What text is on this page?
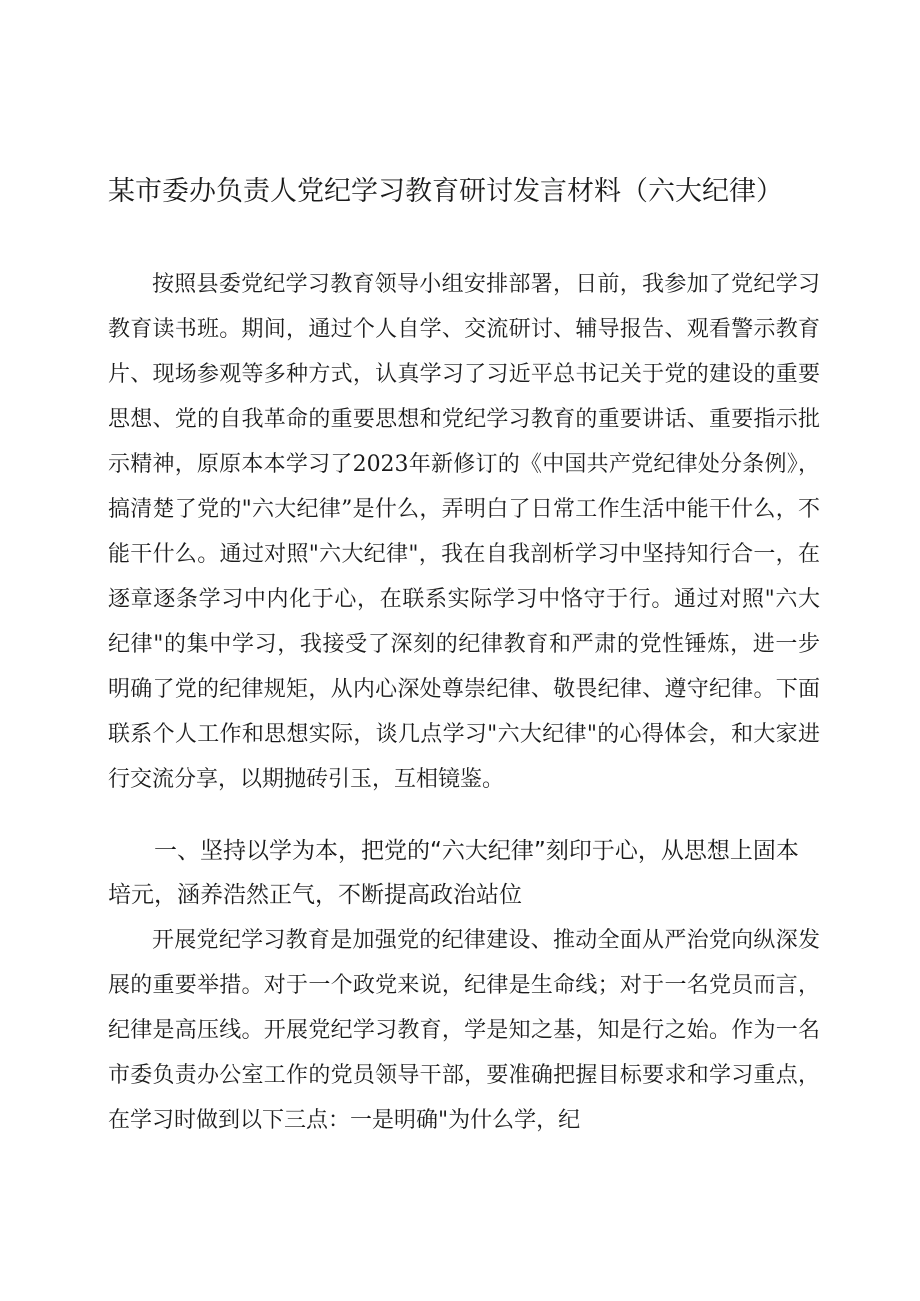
某市委办负责人党纪学习教育研讨发言材料（六大纪律）

按照县委党纪学习教育领导小组安排部署，日前，我参加了党纪学习教育读书班。期间，通过个人自学、交流研讨、辅导报告、观看警示教育片、现场参观等多种方式，认真学习了习近平总书记关于党的建设的重要思想、党的自我革命的重要思想和党纪学习教育的重要讲话、重要指示批示精神，原原本本学习了2023年新修订的《中国共产党纪律处分条例》，搞清楚了党的"六大纪律”是什么，弄明白了日常工作生活中能干什么，不能干什么。通过对照"六大纪律"，我在自我剖析学习中坚持知行合一，在逐章逐条学习中内化于心，在联系实际学习中恪守于行。通过对照"六大纪律"的集中学习，我接受了深刻的纪律教育和严肃的党性锤炼，进一步明确了党的纪律规矩，从内心深处尊崇纪律、敬畏纪律、遵守纪律。下面联系个人工作和思想实际，谈几点学习"六大纪律"的心得体会，和大家进行交流分享，以期抛砖引玉，互相镜鉴。

一、坚持以学为本，把党的“六大纪律”刻印于心，从思想上固本培元，涵养浩然正气，不断提高政治站位

开展党纪学习教育是加强党的纪律建设、推动全面从严治党向纵深发展的重要举措。对于一个政党来说，纪律是生命线；对于一名党员而言，纪律是高压线。开展党纪学习教育，学是知之基，知是行之始。作为一名市委负责办公室工作的党员领导干部，要准确把握目标要求和学习重点，在学习时做到以下三点：一是明确"为什么学，纪
